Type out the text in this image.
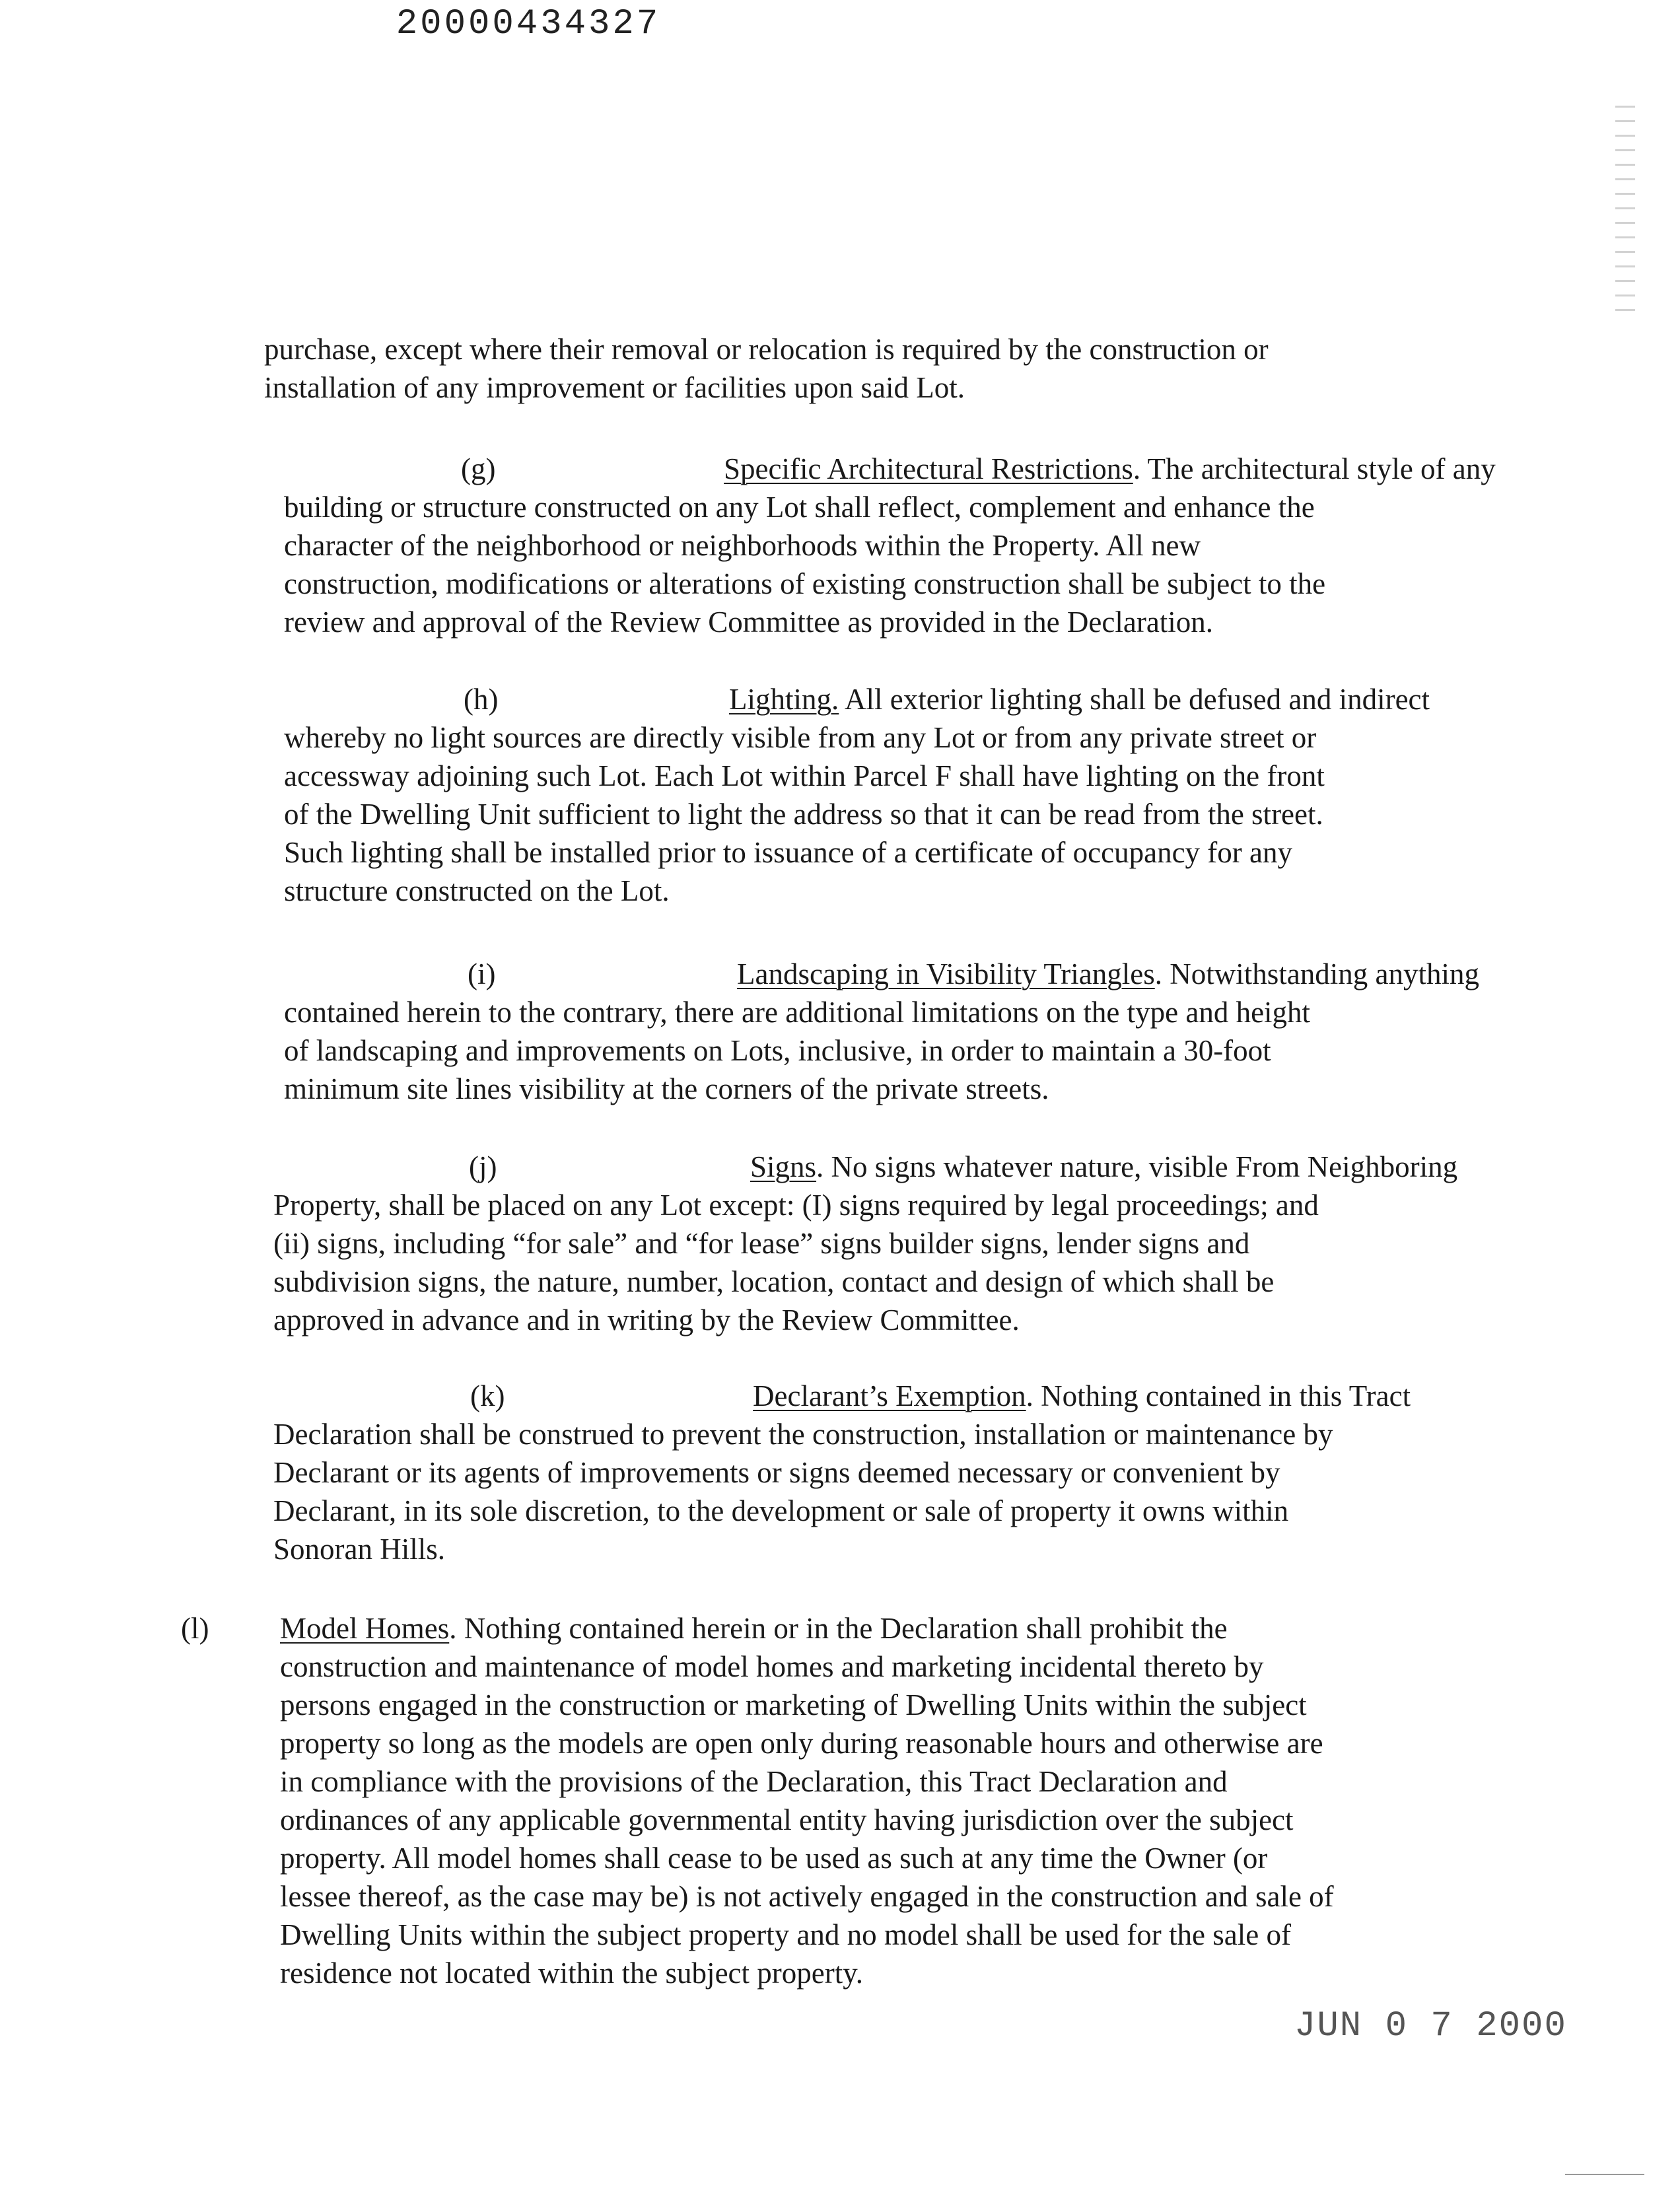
20000434327
purchase, except where their removal or relocation is required by the construction or
installation of any improvement or facilities upon said Lot.
(g)	Specific Architectural Restrictions. The architectural style of any
building or structure constructed on any Lot shall reflect, complement and enhance the
character of the neighborhood or neighborhoods within the Property. All new
construction, modifications or alterations of existing construction shall be subject to the
review and approval of the Review Committee as provided in the Declaration.
(h)	Lighting. All exterior lighting shall be defused and indirect
whereby no light sources are directly visible from any Lot or from any private street or
accessway adjoining such Lot. Each Lot within Parcel F shall have lighting on the front
of the Dwelling Unit sufficient to light the address so that it can be read from the street.
Such lighting shall be installed prior to issuance of a certificate of occupancy for any
structure constructed on the Lot.
(i)	Landscaping in Visibility Triangles. Notwithstanding anything
contained herein to the contrary, there are additional limitations on the type and height
of landscaping and improvements on Lots, inclusive, in order to maintain a 30-foot
minimum site lines visibility at the corners of the private streets.
(j)	Signs. No signs whatever nature, visible From Neighboring
Property, shall be placed on any Lot except: (I) signs required by legal proceedings; and
(ii) signs, including “for sale” and “for lease” signs builder signs, lender signs and
subdivision signs, the nature, number, location, contact and design of which shall be
approved in advance and in writing by the Review Committee.
(k)	Declarant’s Exemption. Nothing contained in this Tract
Declaration shall be construed to prevent the construction, installation or maintenance by
Declarant or its agents of improvements or signs deemed necessary or convenient by
Declarant, in its sole discretion, to the development or sale of property it owns within
Sonoran Hills.
(l) Model Homes. Nothing contained herein or in the Declaration shall prohibit the
construction and maintenance of model homes and marketing incidental thereto by
persons engaged in the construction or marketing of Dwelling Units within the subject
property so long as the models are open only during reasonable hours and otherwise are
in compliance with the provisions of the Declaration, this Tract Declaration and
ordinances of any applicable governmental entity having jurisdiction over the subject
property. All model homes shall cease to be used as such at any time the Owner (or
lessee thereof, as the case may be) is not actively engaged in the construction and sale of
Dwelling Units within the subject property and no model shall be used for the sale of
residence not located within the subject property.
JUN 0 7 2000
